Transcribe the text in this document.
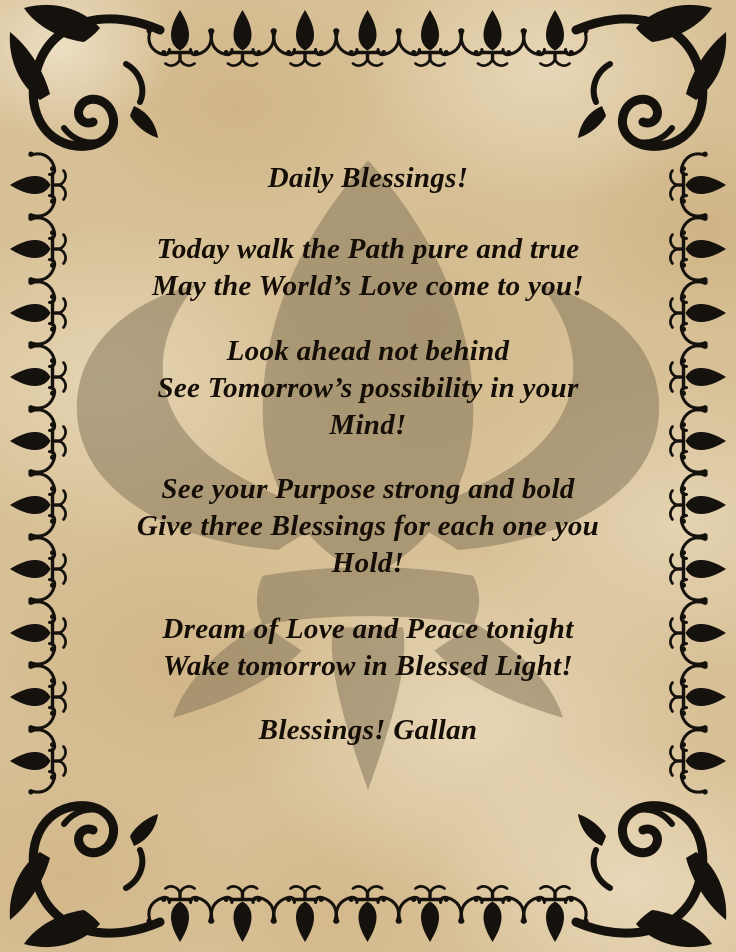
Daily Blessings!
Today walk the Path pure and true
May the World’s Love come to you!
Look ahead not behind
See Tomorrow’s possibility in your
Mind!
See your Purpose strong and bold
Give three Blessings for each one you
Hold!
Dream of Love and Peace tonight
Wake tomorrow in Blessed Light!
Blessings! Gallan
